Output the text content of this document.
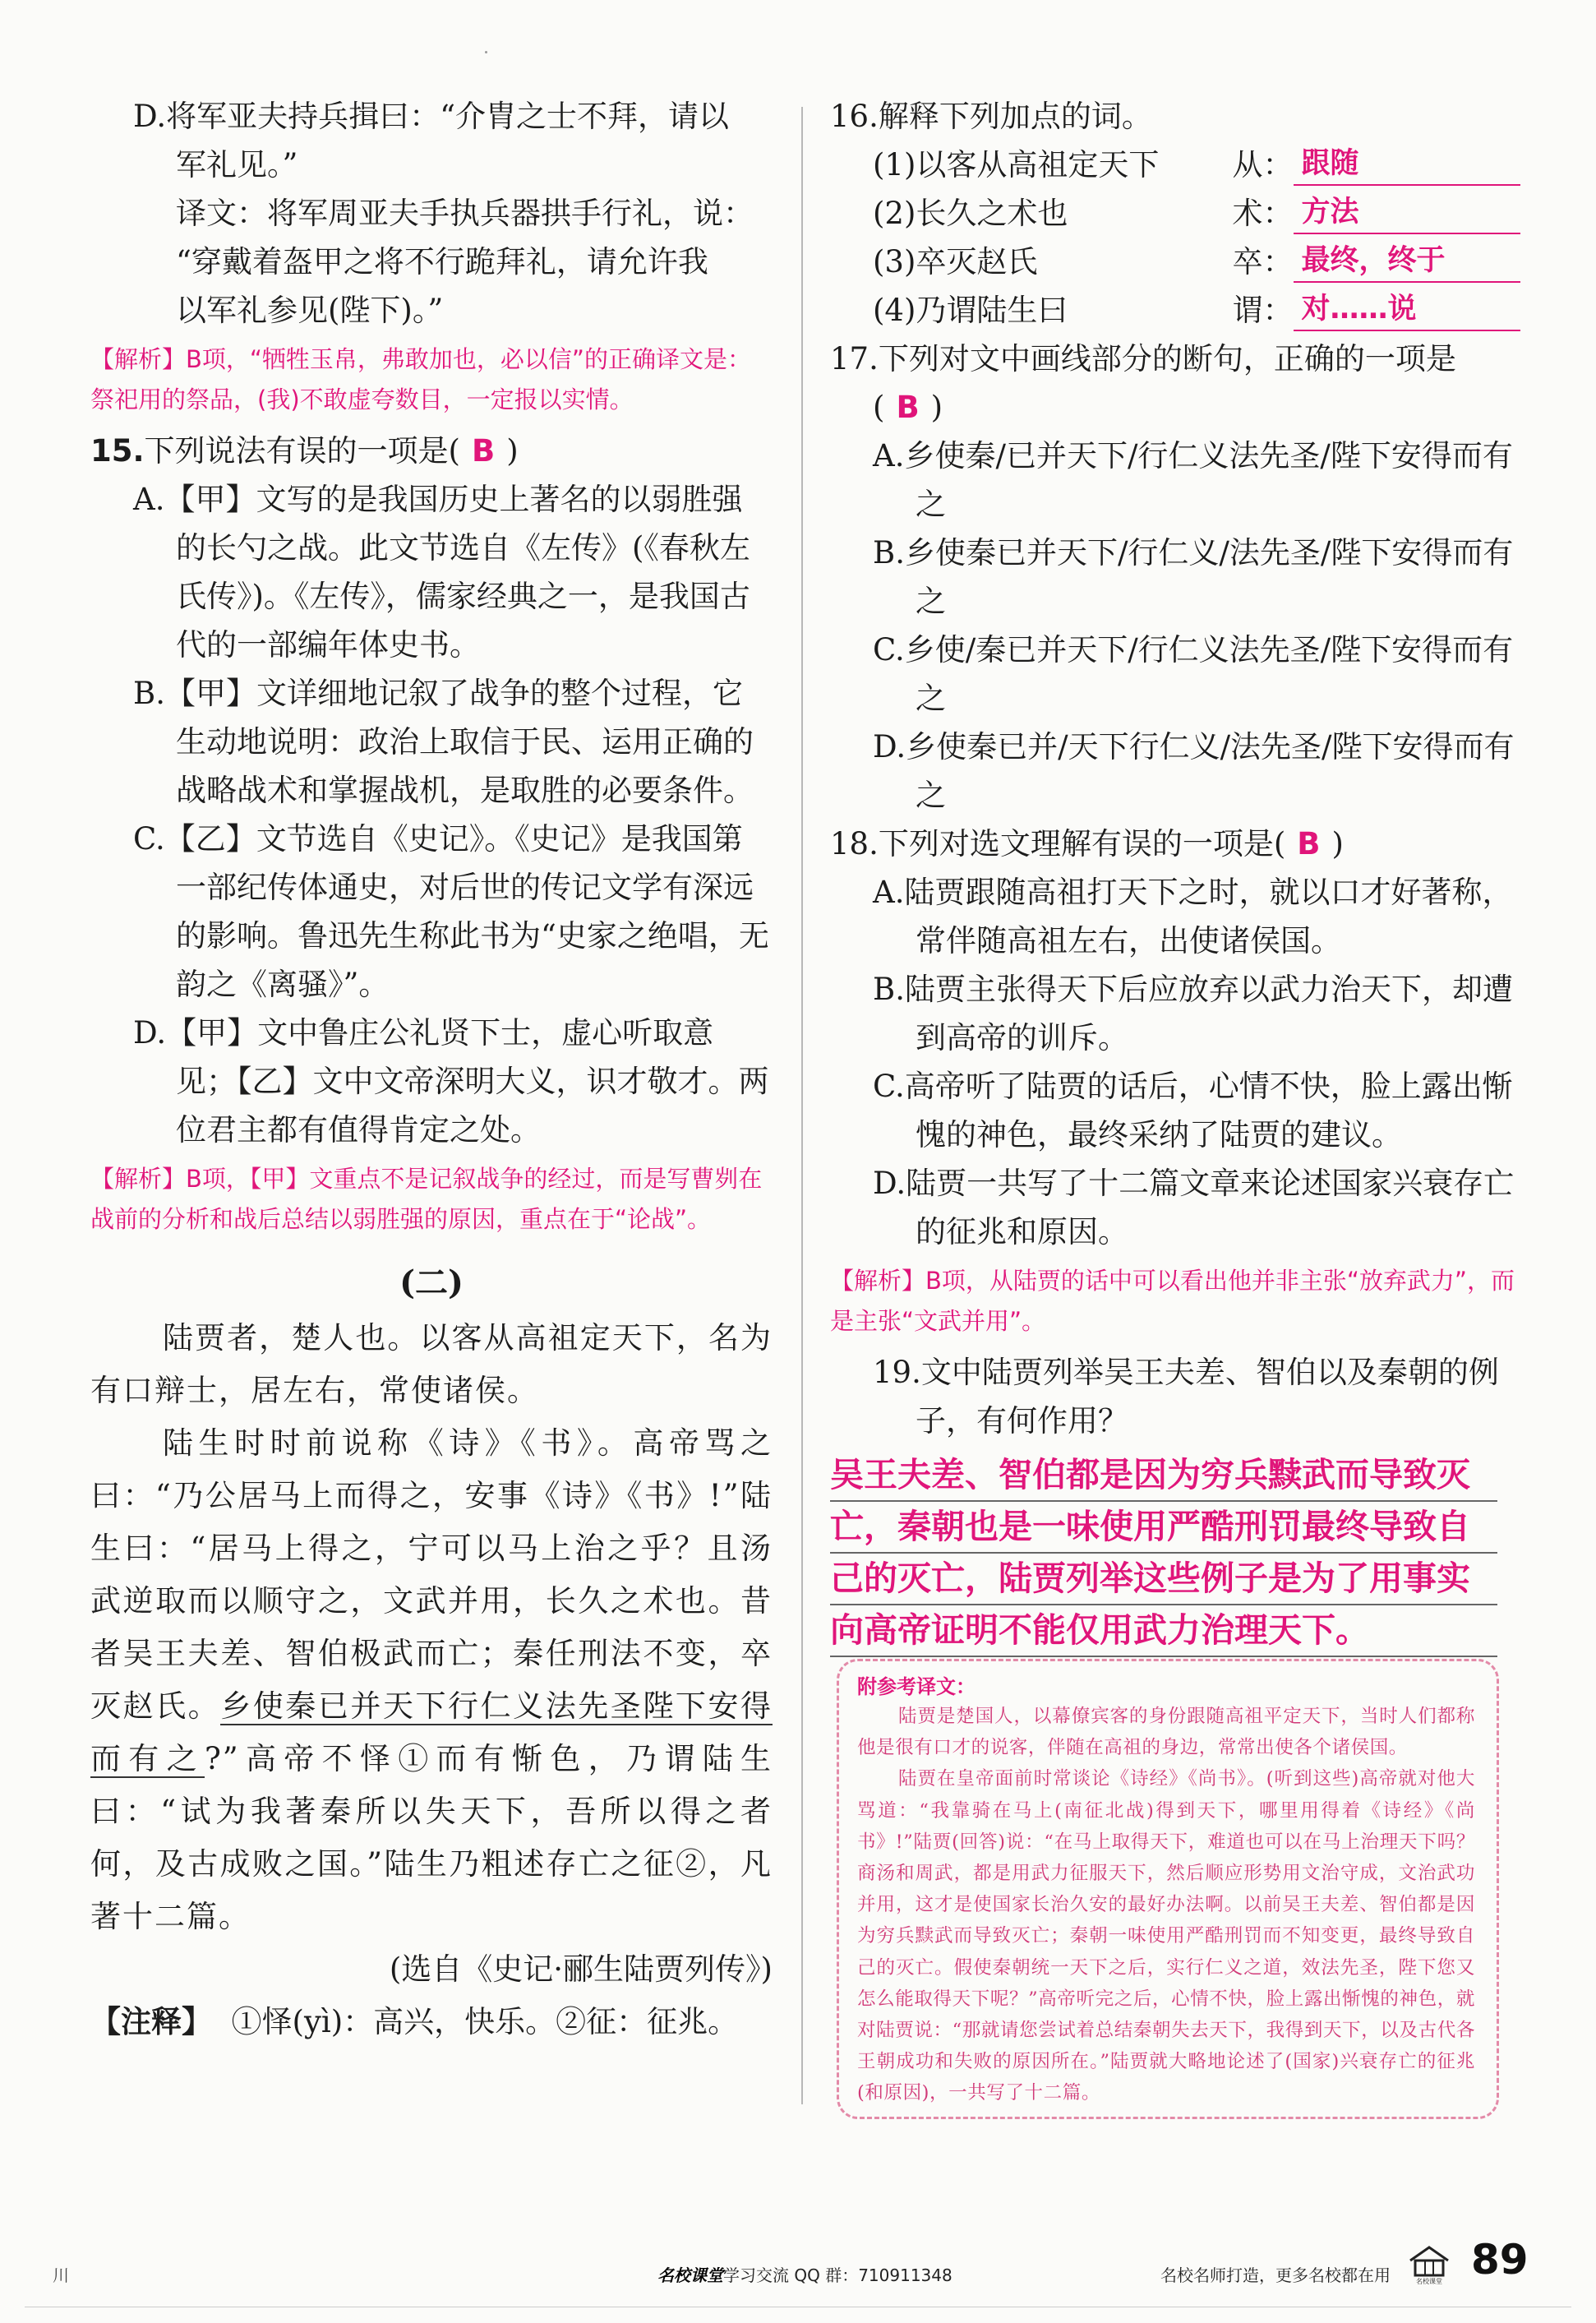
D.将军亚夫持兵揖曰：“介胄之士不拜，请以
军礼见。”
译文：将军周亚夫手执兵器拱手行礼，说：
“穿戴着盔甲之将不行跪拜礼，请允许我
以军礼参见(陛下)。”
【解析】B项，“牺牲玉帛，弗敢加也，必以信”的正确译文是：
祭祀用的祭品，(我)不敢虚夸数目，一定报以实情。
15.下列说法有误的一项是( B )
A.【甲】文写的是我国历史上著名的以弱胜强的长勺之战。此文节选自《左传》(《春秋左氏传》)。《左传》，儒家经典之一，是我国古代的一部编年体史书。
B.【甲】文详细地记叙了战争的整个过程，它生动地说明：政治上取信于民、运用正确的战略战术和掌握战机，是取胜的必要条件。
C.【乙】文节选自《史记》。《史记》是我国第一部纪传体通史，对后世的传记文学有深远的影响。鲁迅先生称此书为“史家之绝唱，无韵之《离骚》”。
D.【甲】文中鲁庄公礼贤下士，虚心听取意见；【乙】文中文帝深明大义，识才敬才。两位君主都有值得肯定之处。
【解析】B项，【甲】文重点不是记叙战争的经过，而是写曹刿在战前的分析和战后总结以弱胜强的原因，重点在于“论战”。
(二)
陆贾者，楚人也。以客从高祖定天下，名为有口辩士，居左右，常使诸侯。
陆生时时前说称《诗》《书》。高帝骂之曰：“乃公居马上而得之，安事《诗》《书》!”陆生曰：“居马上得之，宁可以马上治之乎？且汤武逆取而以顺守之，文武并用，长久之术也。昔者吴王夫差、智伯极武而亡；秦任刑法不变，卒灭赵氏。乡使秦已并天下行仁义法先圣陛下安得而有之?”高帝不怿①而有惭色，乃谓陆生曰：“试为我著秦所以失天下，吾所以得之者何，及古成败之国。”陆生乃粗述存亡之征②，凡著十二篇。
(选自《史记·郦生陆贾列传》)
【注释】 ①怿(yì)：高兴，快乐。②征：征兆。
16.解释下列加点的词。
(1)以客从高祖定天下	从： 跟随
(2)长久之术也	术： 方法
(3)卒灭赵氏	卒： 最终，终于
(4)乃谓陆生曰	谓： 对……说
17.下列对文中画线部分的断句，正确的一项是
( B )
A.乡使秦/已并天下/行仁义法先圣/陛下安得而有之
B.乡使秦已并天下/行仁义/法先圣/陛下安得而有之
C.乡使/秦已并天下/行仁义法先圣/陛下安得而有之
D.乡使秦已并/天下行仁义/法先圣/陛下安得而有之
18.下列对选文理解有误的一项是( B )
A.陆贾跟随高祖打天下之时，就以口才好著称，常伴随高祖左右，出使诸侯国。
B.陆贾主张得天下后应放弃以武力治天下，却遭到高帝的训斥。
C.高帝听了陆贾的话后，心情不快，脸上露出惭愧的神色，最终采纳了陆贾的建议。
D.陆贾一共写了十二篇文章来论述国家兴衰存亡的征兆和原因。
【解析】B项，从陆贾的话中可以看出他并非主张“放弃武力”，而是主张“文武并用”。
19.文中陆贾列举吴王夫差、智伯以及秦朝的例子，有何作用？
吴王夫差、智伯都是因为穷兵黩武而导致灭
亡，秦朝也是一味使用严酷刑罚最终导致自
己的灭亡，陆贾列举这些例子是为了用事实
向高帝证明不能仅用武力治理天下。
附参考译文：

陆贾是楚国人，以幕僚宾客的身份跟随高祖平定天下，当时人们都称他是很有口才的说客，伴随在高祖的身边，常常出使各个诸侯国。

陆贾在皇帝面前时常谈论《诗经》《尚书》。(听到这些)高帝就对他大骂道：“我靠骑在马上(南征北战)得到天下，哪里用得着《诗经》《尚书》!”陆贾(回答)说：“在马上取得天下，难道也可以在马上治理天下吗？商汤和周武，都是用武力征服天下，然后顺应形势用文治守成，文治武功并用，这才是使国家长治久安的最好办法啊。以前吴王夫差、智伯都是因为穷兵黩武而导致灭亡；秦朝一味使用严酷刑罚而不知变更，最终导致自己的灭亡。假使秦朝统一天下之后，实行仁义之道，效法先圣，陛下您又怎么能取得天下呢？”高帝听完之后，心情不快，脸上露出惭愧的神色，就对陆贾说：“那就请您尝试着总结秦朝失去天下，我得到天下，以及古代各王朝成功和失败的原因所在。”陆贾就大略地论述了(国家)兴衰存亡的征兆(和原因)，一共写了十二篇。

川	名校课堂学习交流 QQ 群：710911348	名校名师打造，更多名校都在用	名校课堂 89
